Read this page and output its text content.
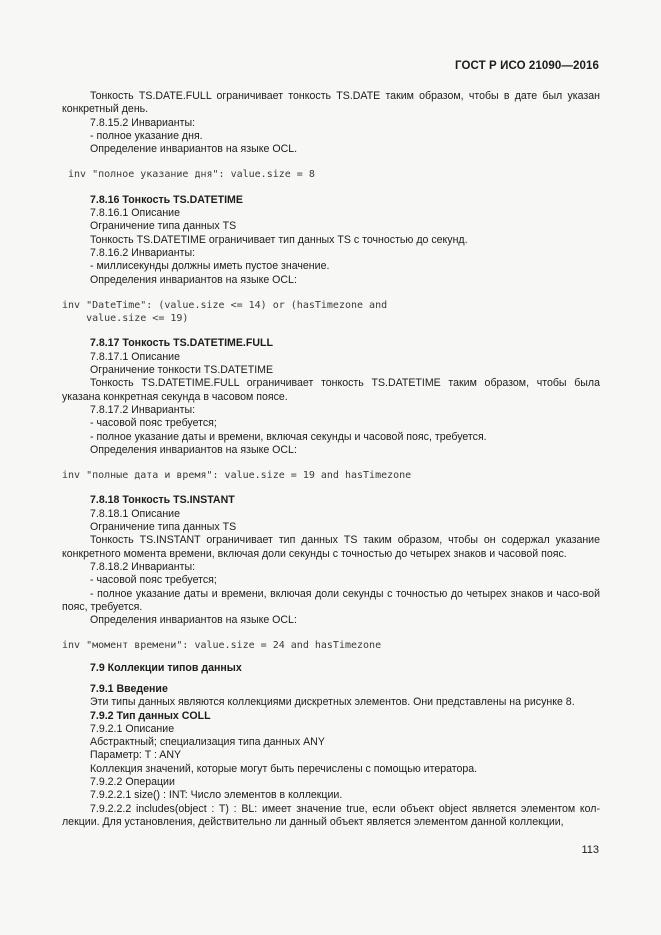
ГОСТ Р ИСО 21090—2016

Тонкость TS.DATE.FULL ограничивает тонкость TS.DATE таким образом, чтобы в дате был указан конкретный день.

7.8.15.2 Инварианты:

- полное указание дня.

Определение инвариантов на языке OCL.

inv "полное указание дня": value.size = 8

7.8.16 Тонкость TS.DATETIME

7.8.16.1 Описание

Ограничение типа данных TS

Тонкость TS.DATETIME ограничивает тип данных TS с точностью до секунд.

7.8.16.2 Инварианты:

- миллисекунды должны иметь пустое значение.

Определения инвариантов на языке OCL:

inv "DateTime": (value.size <= 14) or (hasTimezone and

value.size <= 19)

7.8.17 Тонкость TS.DATETIME.FULL

7.8.17.1 Описание

Ограничение тонкости TS.DATETIME

Тонкость TS.DATETIME.FULL ограничивает тонкость TS.DATETIME таким образом, чтобы была указана конкретная секунда в часовом поясе.

7.8.17.2 Инварианты:

- часовой пояс требуется;

- полное указание даты и времени, включая секунды и часовой пояс, требуется.

Определения инвариантов на языке OCL:

inv "полные дата и время": value.size = 19 and hasTimezone

7.8.18 Тонкость TS.INSTANT

7.8.18.1 Описание

Ограничение типа данных TS

Тонкость TS.INSTANT ограничивает тип данных TS таким образом, чтобы он содержал указание конкретного момента времени, включая доли секунды с точностью до четырех знаков и часовой пояс.

7.8.18.2 Инварианты:

- часовой пояс требуется;

- полное указание даты и времени, включая доли секунды с точностью до четырех знаков и часо-вой пояс, требуется.

Определения инвариантов на языке OCL:

inv "момент времени": value.size = 24 and hasTimezone

7.9 Коллекции типов данных

7.9.1 Введение

Эти типы данных являются коллекциями дискретных элементов. Они представлены на рисунке 8.

7.9.2 Тип данных COLL

7.9.2.1 Описание

Абстрактный; специализация типа данных ANY

Параметр: T : ANY

Коллекция значений, которые могут быть перечислены с помощью итератора.

7.9.2.2 Операции

7.9.2.2.1 size() : INT: Число элементов в коллекции.

7.9.2.2.2 includes(object : T) : BL: имеет значение true, если объект object является элементом кол-лекции. Для установления, действительно ли данный объект является элементом данной коллекции,

113
